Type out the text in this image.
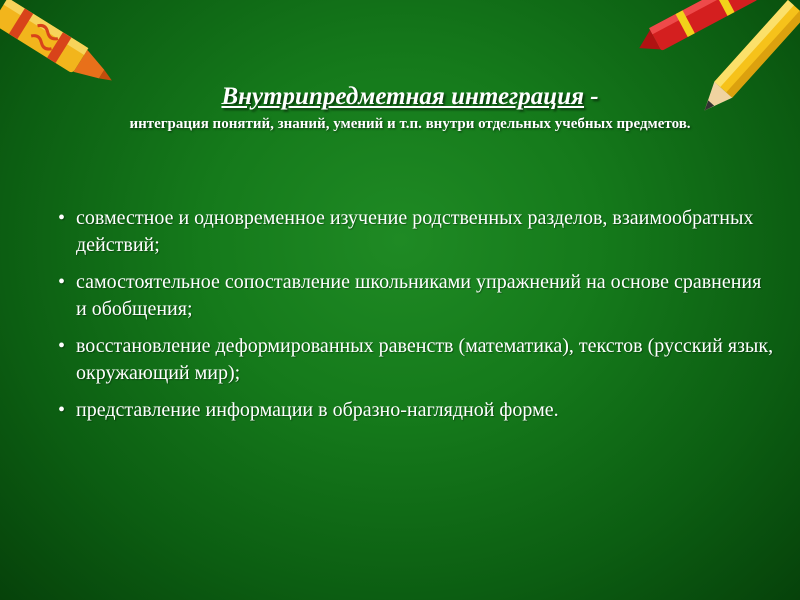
Внутрипредметная интеграция -
интеграция понятий, знаний, умений и т.п. внутри отдельных учебных предметов.
• совместное и одновременное изучение родственных разделов, взаимообратных действий;
• самостоятельное сопоставление школьниками упражнений на основе сравнения и обобщения;
• восстановление деформированных равенств (математика), текстов (русский язык, окружающий мир);
• представление информации в образно-наглядной форме.
